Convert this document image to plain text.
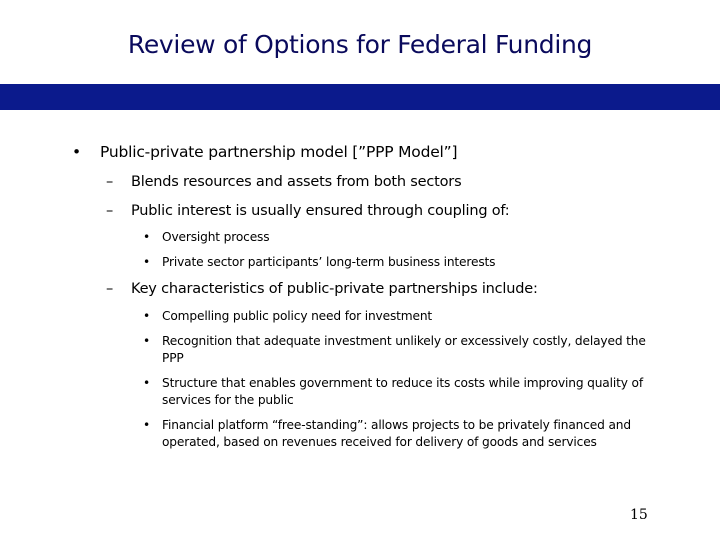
Review of Options for Federal Funding
• Public-private partnership model [”PPP Model”]
– Blends resources and assets from both sectors
– Public interest is usually ensured through coupling of:
• Oversight process
• Private sector participants’ long-term business interests
– Key characteristics of public-private partnerships include:
• Compelling public policy need for investment
• Recognition that adequate investment unlikely or excessively costly, delayed the PPP
• Structure that enables government to reduce its costs while improving quality of services for the public
• Financial platform “free-standing”: allows projects to be privately financed and operated, based on revenues received for delivery of goods and services
15
